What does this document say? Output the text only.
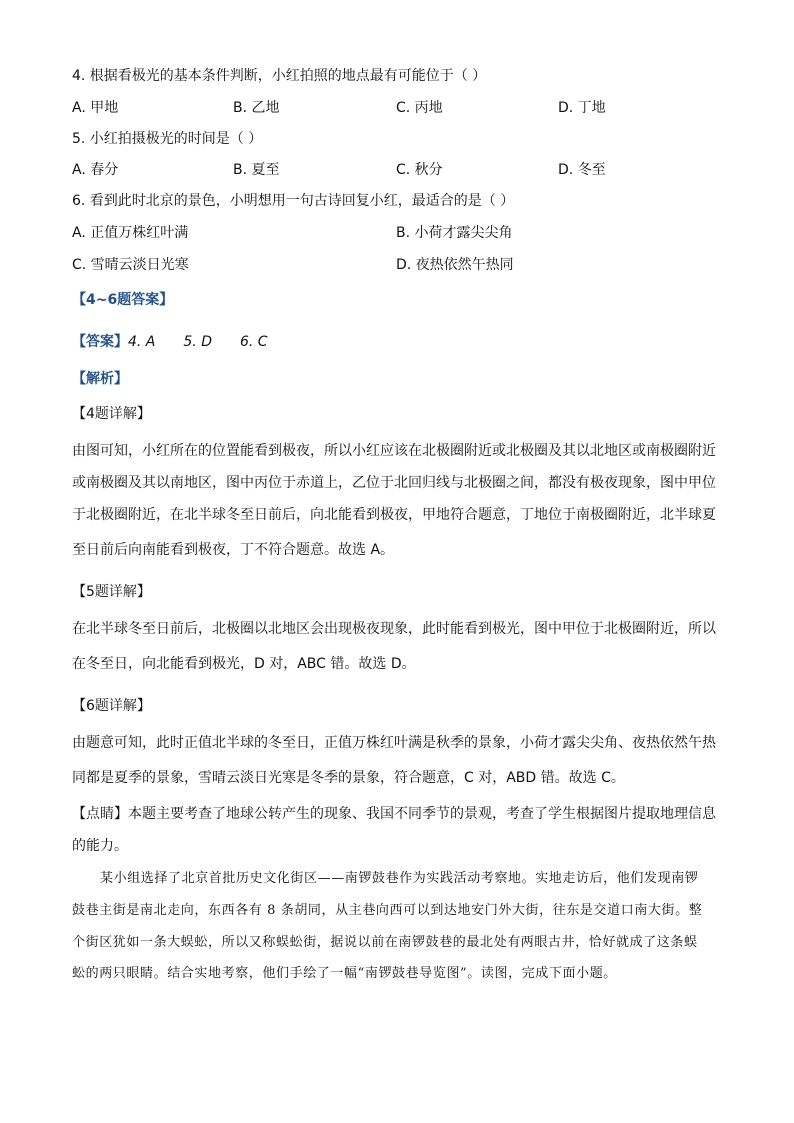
4. 根据看极光的基本条件判断，小红拍照的地点最有可能位于（ ）
A. 甲地	B. 乙地	C. 丙地	D. 丁地
5. 小红拍摄极光的时间是（ ）
A. 春分	B. 夏至	C. 秋分	D. 冬至
6. 看到此时北京的景色，小明想用一句古诗回复小红，最适合的是（ ）
A. 正值万株红叶满	B. 小荷才露尖尖角
C. 雪晴云淡日光寒	D. 夜热依然午热同
【4~6题答案】
【答案】4. A 5. D 6. C
【解析】
【4题详解】
由图可知，小红所在的位置能看到极夜，所以小红应该在北极圈附近或北极圈及其以北地区或南极圈附近
或南极圈及其以南地区，图中丙位于赤道上，乙位于北回归线与北极圈之间，都没有极夜现象，图中甲位
于北极圈附近，在北半球冬至日前后，向北能看到极夜，甲地符合题意，丁地位于南极圈附近，北半球夏
至日前后向南能看到极夜，丁不符合题意。故选 A。
【5题详解】
在北半球冬至日前后，北极圈以北地区会出现极夜现象，此时能看到极光，图中甲位于北极圈附近，所以
在冬至日，向北能看到极光，D 对，ABC 错。故选 D。
【6题详解】
由题意可知，此时正值北半球的冬至日，正值万株红叶满是秋季的景象，小荷才露尖尖角、夜热依然午热
同都是夏季的景象，雪晴云淡日光寒是冬季的景象，符合题意，C 对，ABD 错。故选 C。
【点睛】本题主要考查了地球公转产生的现象、我国不同季节的景观，考查了学生根据图片提取地理信息
的能力。
某小组选择了北京首批历史文化街区——南锣鼓巷作为实践活动考察地。实地走访后，他们发现南锣
鼓巷主街是南北走向，东西各有 8 条胡同，从主巷向西可以到达地安门外大街，往东是交道口南大街。整
个街区犹如一条大蜈蚣，所以又称蜈蚣街，据说以前在南锣鼓巷的最北处有两眼古井，恰好就成了这条蜈
蚣的两只眼睛。结合实地考察，他们手绘了一幅“南锣鼓巷导览图”。读图，完成下面小题。
